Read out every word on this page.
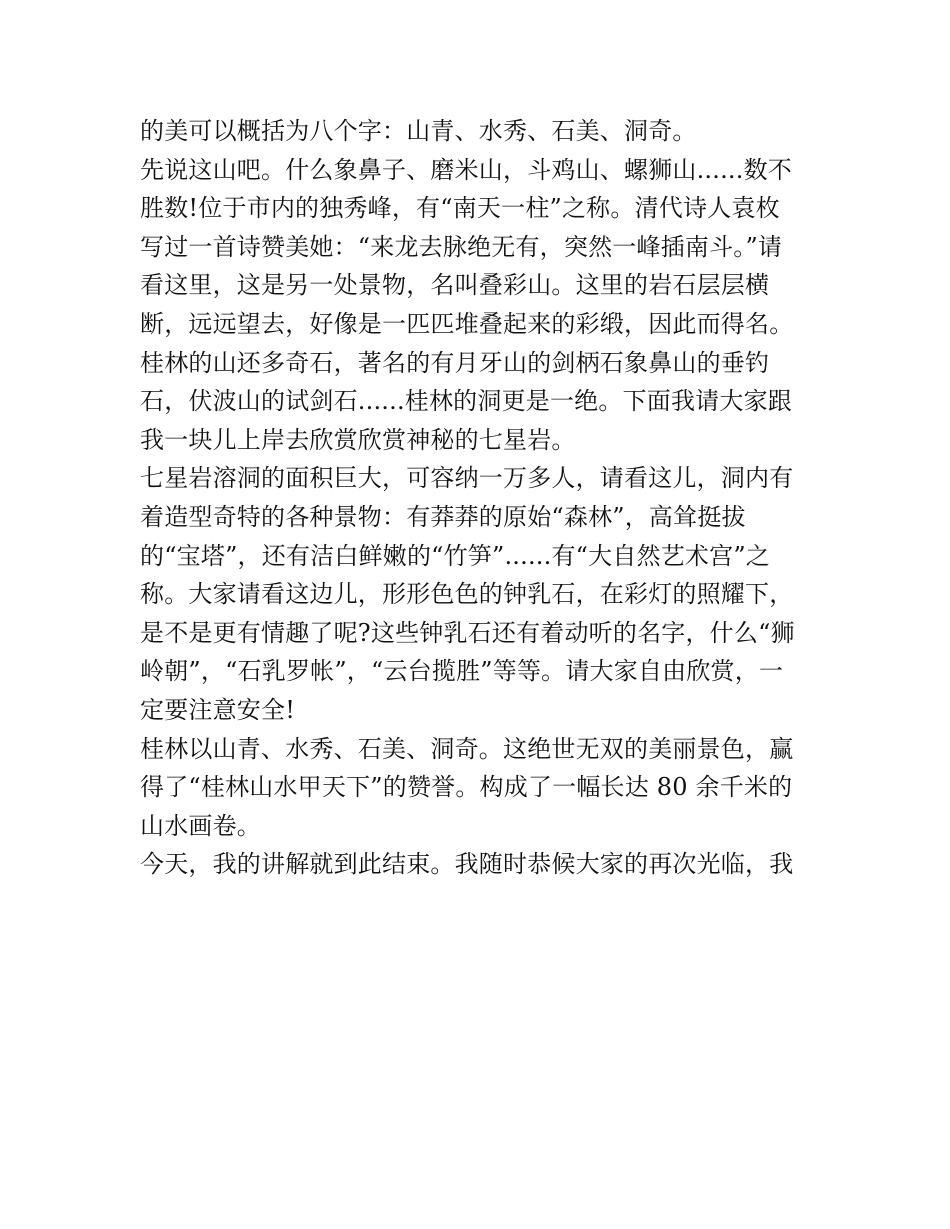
的美可以概括为八个字：山青、水秀、石美、洞奇。
先说这山吧。什么象鼻子、磨米山，斗鸡山、螺狮山......数不
胜数!位于市内的独秀峰，有“南天一柱”之称。清代诗人袁枚
写过一首诗赞美她：“来龙去脉绝无有，突然一峰插南斗。”请
看这里，这是另一处景物，名叫叠彩山。这里的岩石层层横
断，远远望去，好像是一匹匹堆叠起来的彩缎，因此而得名。
桂林的山还多奇石，著名的有月牙山的剑柄石象鼻山的垂钓
石，伏波山的试剑石......桂林的洞更是一绝。下面我请大家跟
我一块儿上岸去欣赏欣赏神秘的七星岩。
七星岩溶洞的面积巨大，可容纳一万多人，请看这儿，洞内有
着造型奇特的各种景物：有莽莽的原始“森林”，高耸挺拔
的“宝塔”，还有洁白鲜嫩的“竹笋”......有“大自然艺术宫”之
称。大家请看这边儿，形形色色的钟乳石，在彩灯的照耀下，
是不是更有情趣了呢?这些钟乳石还有着动听的名字，什么“狮
岭朝”，“石乳罗帐”，“云台揽胜”等等。请大家自由欣赏，一
定要注意安全!
桂林以山青、水秀、石美、洞奇。这绝世无双的美丽景色，赢
得了“桂林山水甲天下”的赞誉。构成了一幅长达 80 余千米的
山水画卷。
今天，我的讲解就到此结束。我随时恭候大家的再次光临，我
